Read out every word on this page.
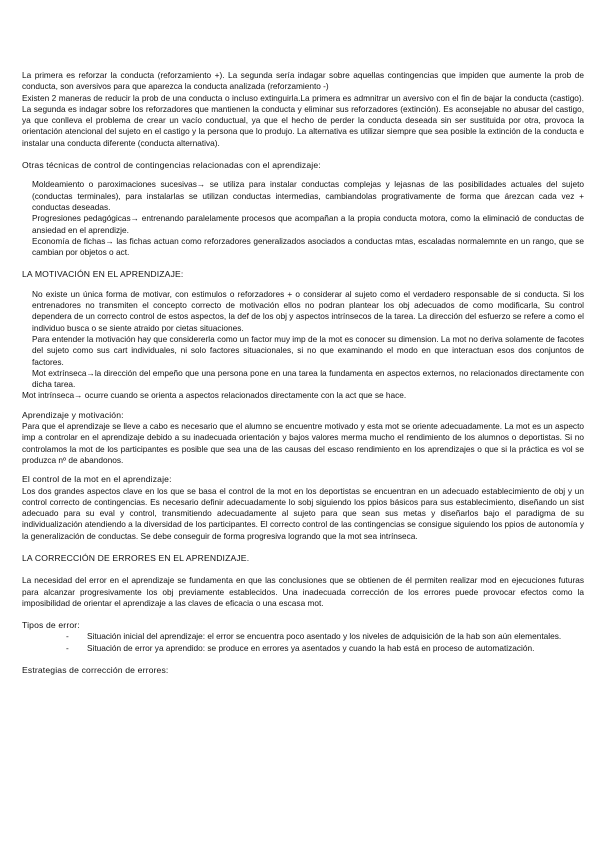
La primera es reforzar la conducta (reforzamiento +). La segunda sería indagar sobre aquellas contingencias que impiden que aumente la prob de conducta, son aversivos para que aparezca la conducta analizada (reforzamiento -)

Existen 2 maneras de reducir la prob de una conducta o incluso extinguirla.La primera es admnitrar un aversivo con el fin de bajar la conducta (castigo). La segunda es indagar sobre los reforzadores que mantienen la conducta y eliminar sus reforzadores (extinción). Es aconsejable no abusar del castigo, ya que conlleva el problema de crear un vacío conductual, ya que el hecho de perder la conducta deseada sin ser sustituida por otra, provoca la orientación atencional del sujeto en el castigo y la persona que lo produjo. La alternativa es utilizar siempre que sea posible la extinción de la conducta e instalar una conducta diferente (conducta alternativa).

Otras técnicas de control de contingencias relacionadas con el aprendizaje:

Moldeamiento o paroximaciones sucesivas→ se utiliza para instalar conductas complejas y lejasnas de las posibilidades actuales del sujeto (conductas terminales), para instalarlas se utilizan conductas intermedias, cambiandolas progrativamente de forma que árezcan cada vez + conductas deseadas.

Progresiones pedagógicas→ entrenando paralelamente procesos que acompañan a la propia conducta motora, como la eliminació de conductas de ansiedad en el aprendizje.

Economía de fichas→ las fichas actuan como reforzadores generalizados asociados a conductas mtas, escaladas normalemnte en un rango, que se cambian por objetos o act.

LA MOTIVACIÓN EN EL APRENDIZAJE:

No existe un única forma de motivar, con estimulos o reforzadores + o considerar al sujeto como el verdadero responsable de si conducta. Si los entrenadores no transmiten el concepto correcto de motivación ellos no podran plantear los obj adecuados de como modificarla, Su control dependera de un correcto control de estos aspectos, la def de los obj y aspectos intrínsecos de la tarea. La dirección del esfuerzo se refere a como el individuo busca o se siente atraido por cietas situaciones.

Para entender la motivación hay que considererla como un factor muy imp de la mot es conocer su dimension. La mot no deriva solamente de facotes del sujeto como sus cart individuales, ni solo factores situacionales, si no que examinando el modo en que interactuan esos dos conjuntos de factores.

Mot extrínseca→la dirección del empeño que una persona pone en una tarea la fundamenta en aspectos externos, no relacionados directamente con dicha tarea.

Mot intrínseca→ ocurre cuando se orienta a aspectos relacionados directamente con la act que se hace.

Aprendizaje y motivación:

Para que el aprendizaje se lleve a cabo es necesario que el alumno se encuentre motivado y esta mot se oriente adecuadamente. La mot es un aspecto imp a controlar en el aprendizaje debido a su inadecuada orientación y bajos valores merma mucho el rendimiento de los alumnos o deportistas. Si no controlamos la mot de los participantes es posible que sea una de las causas del escaso rendimiento en los aprendizajes o que si la práctica es vol se produzca nº de abandonos.

El control de la mot en el aprendizaje:

Los dos grandes aspectos clave en los que se basa el control de la mot en los deportistas se encuentran en un adecuado establecimiento de obj y un control correcto de contingencias. Es necesario definir adecuadamente lo sobj siguiendo los ppios básicos para sus establecimiento, diseñando un sist adecuado para su eval y control, transmitiendo adecuadamente al sujeto para que sean sus metas y diseñarlos bajo el paradigma de su individualización atendiendo a la diversidad de los participantes. El correcto control de las contingencias se consigue siguiendo los ppios de autonomía y la generalización de conductas. Se debe conseguir de forma progresiva logrando que la mot sea intrínseca.

LA CORRECCIÓN DE ERRORES EN EL APRENDIZAJE.

La necesidad del error en el aprendizaje se fundamenta en que las conclusiones que se obtienen de él permiten realizar mod en ejecuciones futuras para alcanzar progresivamente los obj previamente establecidos. Una inadecuada corrección de los errores puede provocar efectos como la imposibilidad de orientar el aprendizaje a las claves de eficacia o una escasa mot.

Tipos de error:

- Situación inicial del aprendizaje: el error se encuentra poco asentado y los niveles de adquisición de la hab son aún elementales.
- Situación de error ya aprendido: se produce en errores ya asentados y cuando la hab está en proceso de automatización.

Estrategias de corrección de errores:
